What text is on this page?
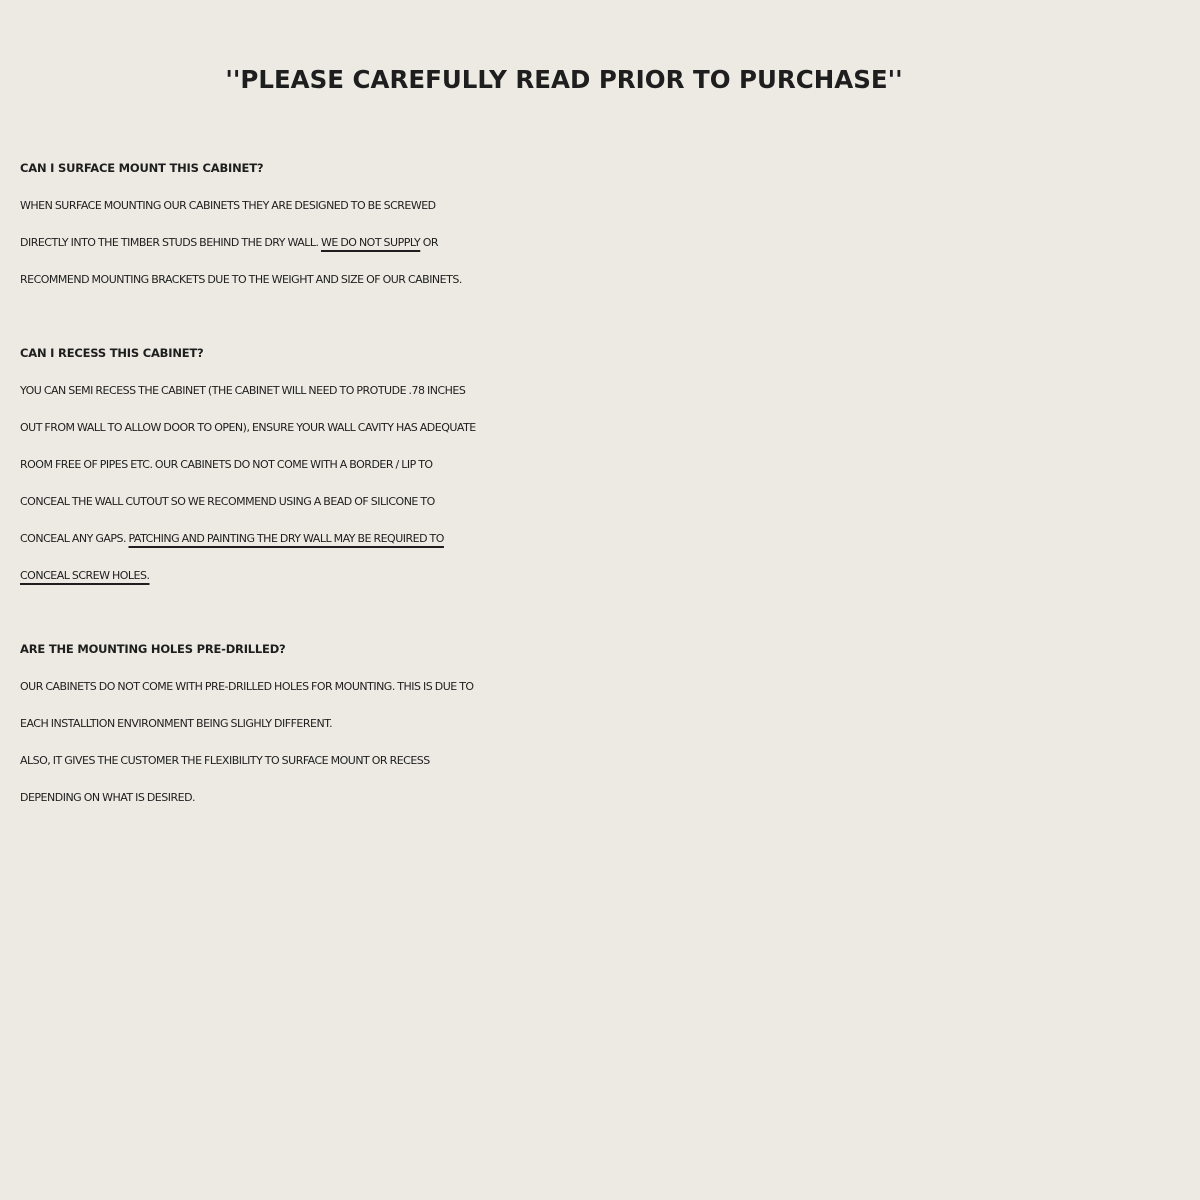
''PLEASE CAREFULLY READ PRIOR TO PURCHASE''
CAN I SURFACE MOUNT THIS CABINET?
WHEN SURFACE MOUNTING OUR CABINETS THEY ARE DESIGNED TO BE SCREWED
DIRECTLY INTO THE TIMBER STUDS BEHIND THE DRY WALL. WE DO NOT SUPPLY OR
RECOMMEND MOUNTING BRACKETS DUE TO THE WEIGHT AND SIZE OF OUR CABINETS.
CAN I RECESS THIS CABINET?
YOU CAN SEMI RECESS THE CABINET (THE CABINET WILL NEED TO PROTUDE .78 INCHES
OUT FROM WALL TO ALLOW DOOR TO OPEN), ENSURE YOUR WALL CAVITY HAS ADEQUATE
ROOM FREE OF PIPES ETC. OUR CABINETS DO NOT COME WITH A BORDER / LIP TO
CONCEAL THE WALL CUTOUT SO WE RECOMMEND USING A BEAD OF SILICONE TO
CONCEAL ANY GAPS. PATCHING AND PAINTING THE DRY WALL MAY BE REQUIRED TO
CONCEAL SCREW HOLES.
ARE THE MOUNTING HOLES PRE-DRILLED?
OUR CABINETS DO NOT COME WITH PRE-DRILLED HOLES FOR MOUNTING. THIS IS DUE TO
EACH INSTALLTION ENVIRONMENT BEING SLIGHLY DIFFERENT.
ALSO, IT GIVES THE CUSTOMER THE FLEXIBILITY TO SURFACE MOUNT OR RECESS
DEPENDING ON WHAT IS DESIRED.
